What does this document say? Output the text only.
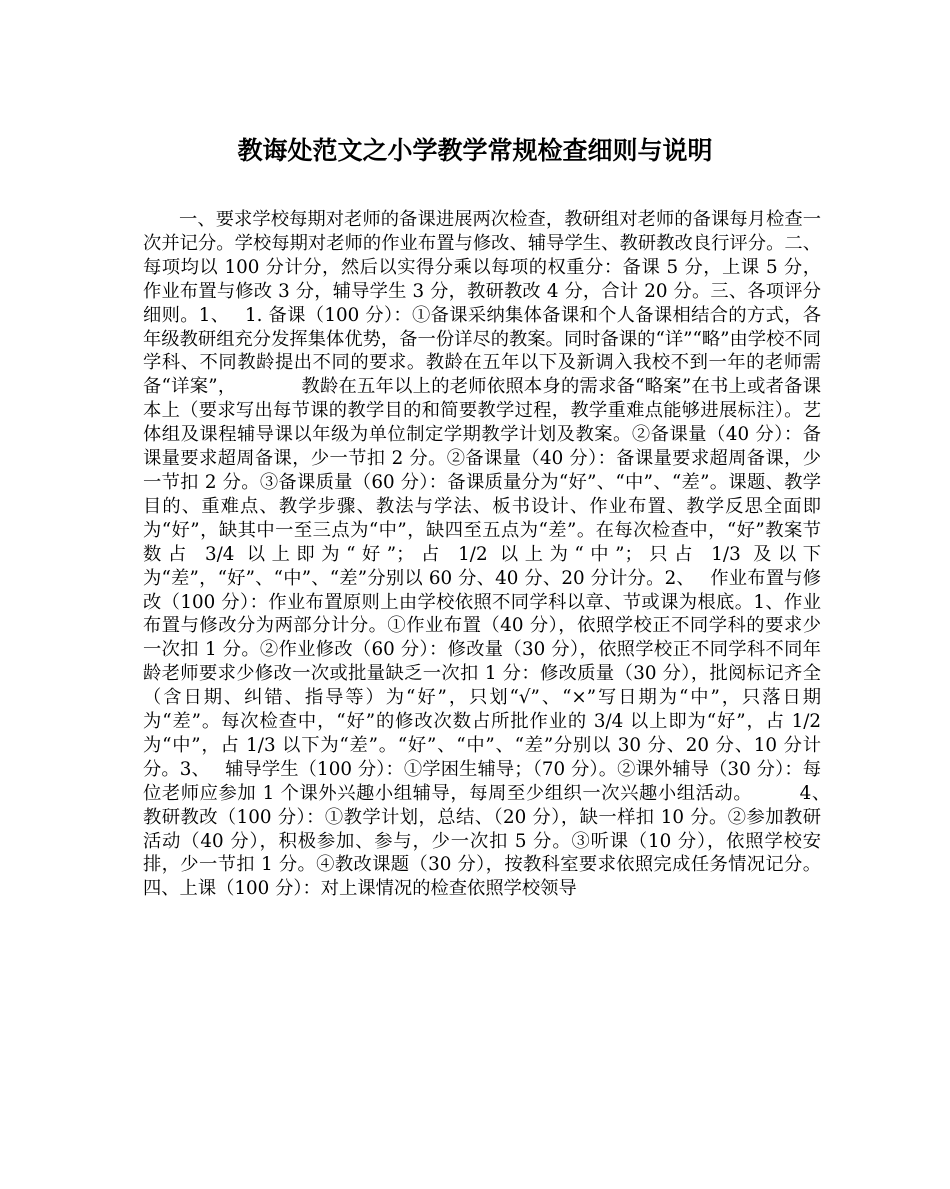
教诲处范文之小学教学常规检查细则与说明

一、要求学校每期对老师的备课进展两次检查，教研组对老师的备课每月检查一次并记分。学校每期对老师的作业布置与修改、辅导学生、教研教改良行评分。二、每项均以 100 分计分，然后以实得分乘以每项的权重分：备课 5 分，上课 5 分，作业布置与修改 3 分，辅导学生 3 分，教研教改 4 分，合计 20 分。三、各项评分细则。1、　 1. 备课（100 分）：①备课采纳集体备课和个人备课相结合的方式，各年级教研组充分发挥集体优势，备一份详尽的教案。同时备课的“详”“略”由学校不同学科、不同教龄提出不同的要求。教龄在五年以下及新调入我校不到一年的老师需备“详案”，　　　　教龄在五年以上的老师依照本身的需求备“略案”在书上或者备课本上（要求写出每节课的教学目的和简要教学过程，教学重难点能够进展标注）。艺体组及课程辅导课以年级为单位制定学期教学计划及教案。②备课量（40 分）：备课量要求超周备课，少一节扣 2 分。②备课量（40 分）：备课量要求超周备课，少一节扣 2 分。③备课质量（60 分）：备课质量分为“好”、“中”、“差”。课题、教学目的、重难点、教学步骤、教法与学法、板书设计、作业布置、教学反思全面即为“好”，缺其中一至三点为“中”，缺四至五点为“差”。在每次检查中，“好”教案节数占 3/4 以上即为“好”；占 1/2 以上为“中”；只占 1/3 及以下为“差”，“好”、“中”、“差”分别以 60 分、40 分、20 分计分。2、　 作业布置与修改（100 分）：作业布置原则上由学校依照不同学科以章、节或课为根底。1、作业布置与修改分为两部分计分。①作业布置（40 分），依照学校正不同学科的要求少一次扣 1 分。②作业修改（60 分）：修改量（30 分），依照学校正不同学科不同年龄老师要求少修改一次或批量缺乏一次扣 1 分：修改质量（30 分），批阅标记齐全（含日期、纠错、指导等）为“好”，只划“√”、“×”写日期为“中”，只落日期为“差”。每次检查中，“好”的修改次数占所批作业的 3/4 以上即为“好”，占 1/2 为“中”，占 1/3 以下为“差”。“好”、“中”、“差”分别以 30 分、20 分、10 分计分。3、　 辅导学生（100 分）：①学困生辅导；（70 分）。②课外辅导（30 分）：每位老师应参加 1 个课外兴趣小组辅导，每周至少组织一次兴趣小组活动。　　　4、　 教研教改（100 分）：①教学计划，总结、（20 分），缺一样扣 10 分。②参加教研活动（40 分），积极参加、参与，少一次扣 5 分。③听课（10 分），依照学校安排，少一节扣 1 分。④教改课题（30 分），按教科室要求依照完成任务情况记分。四、上课（100 分）：对上课情况的检查依照学校领导
